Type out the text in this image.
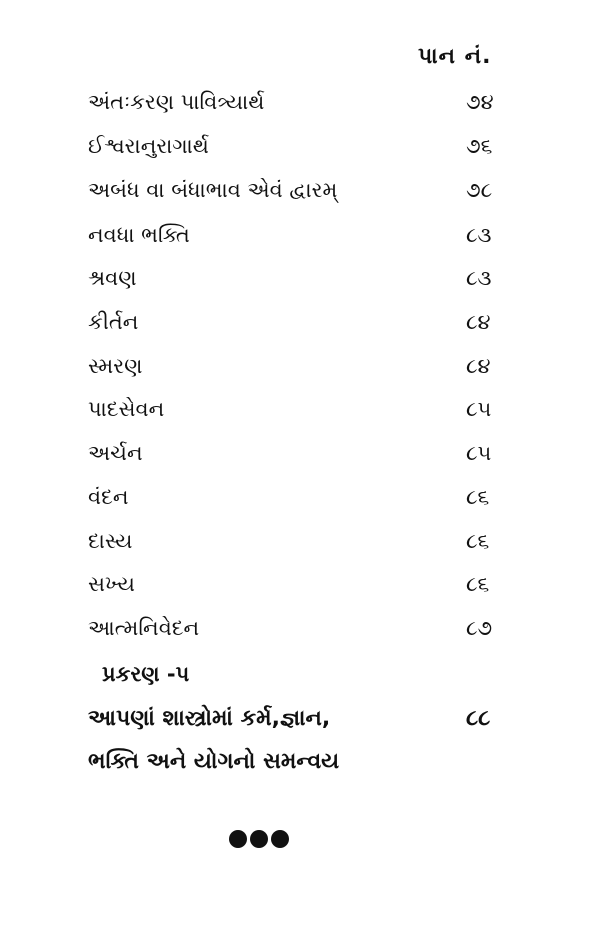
પાન નં.
અંતઃકરણ પાવિત્ર્યાર્થ	૭૪
ઈશ્વરાનુરાગાર્થ	૭૬
અબંધ વા બંધાભાવ એવં દ્વારમ્	૭૮
નવધા ભક્તિ	૮૩
શ્રવણ	૮૩
કીર્તન	૮૪
સ્મરણ	૮૪
પાદસેવન	૮૫
અર્ચન	૮૫
વંદન	૮૬
દાસ્ય	૮૬
સખ્ય	૮૬
આત્મનિવેદન	૮૭
પ્રકરણ -પ
આપણાં શાસ્ત્રોમાં કર્મ,જ્ઞાન,	૮૮
ભક્તિ અને યોગનો સમન્વય
